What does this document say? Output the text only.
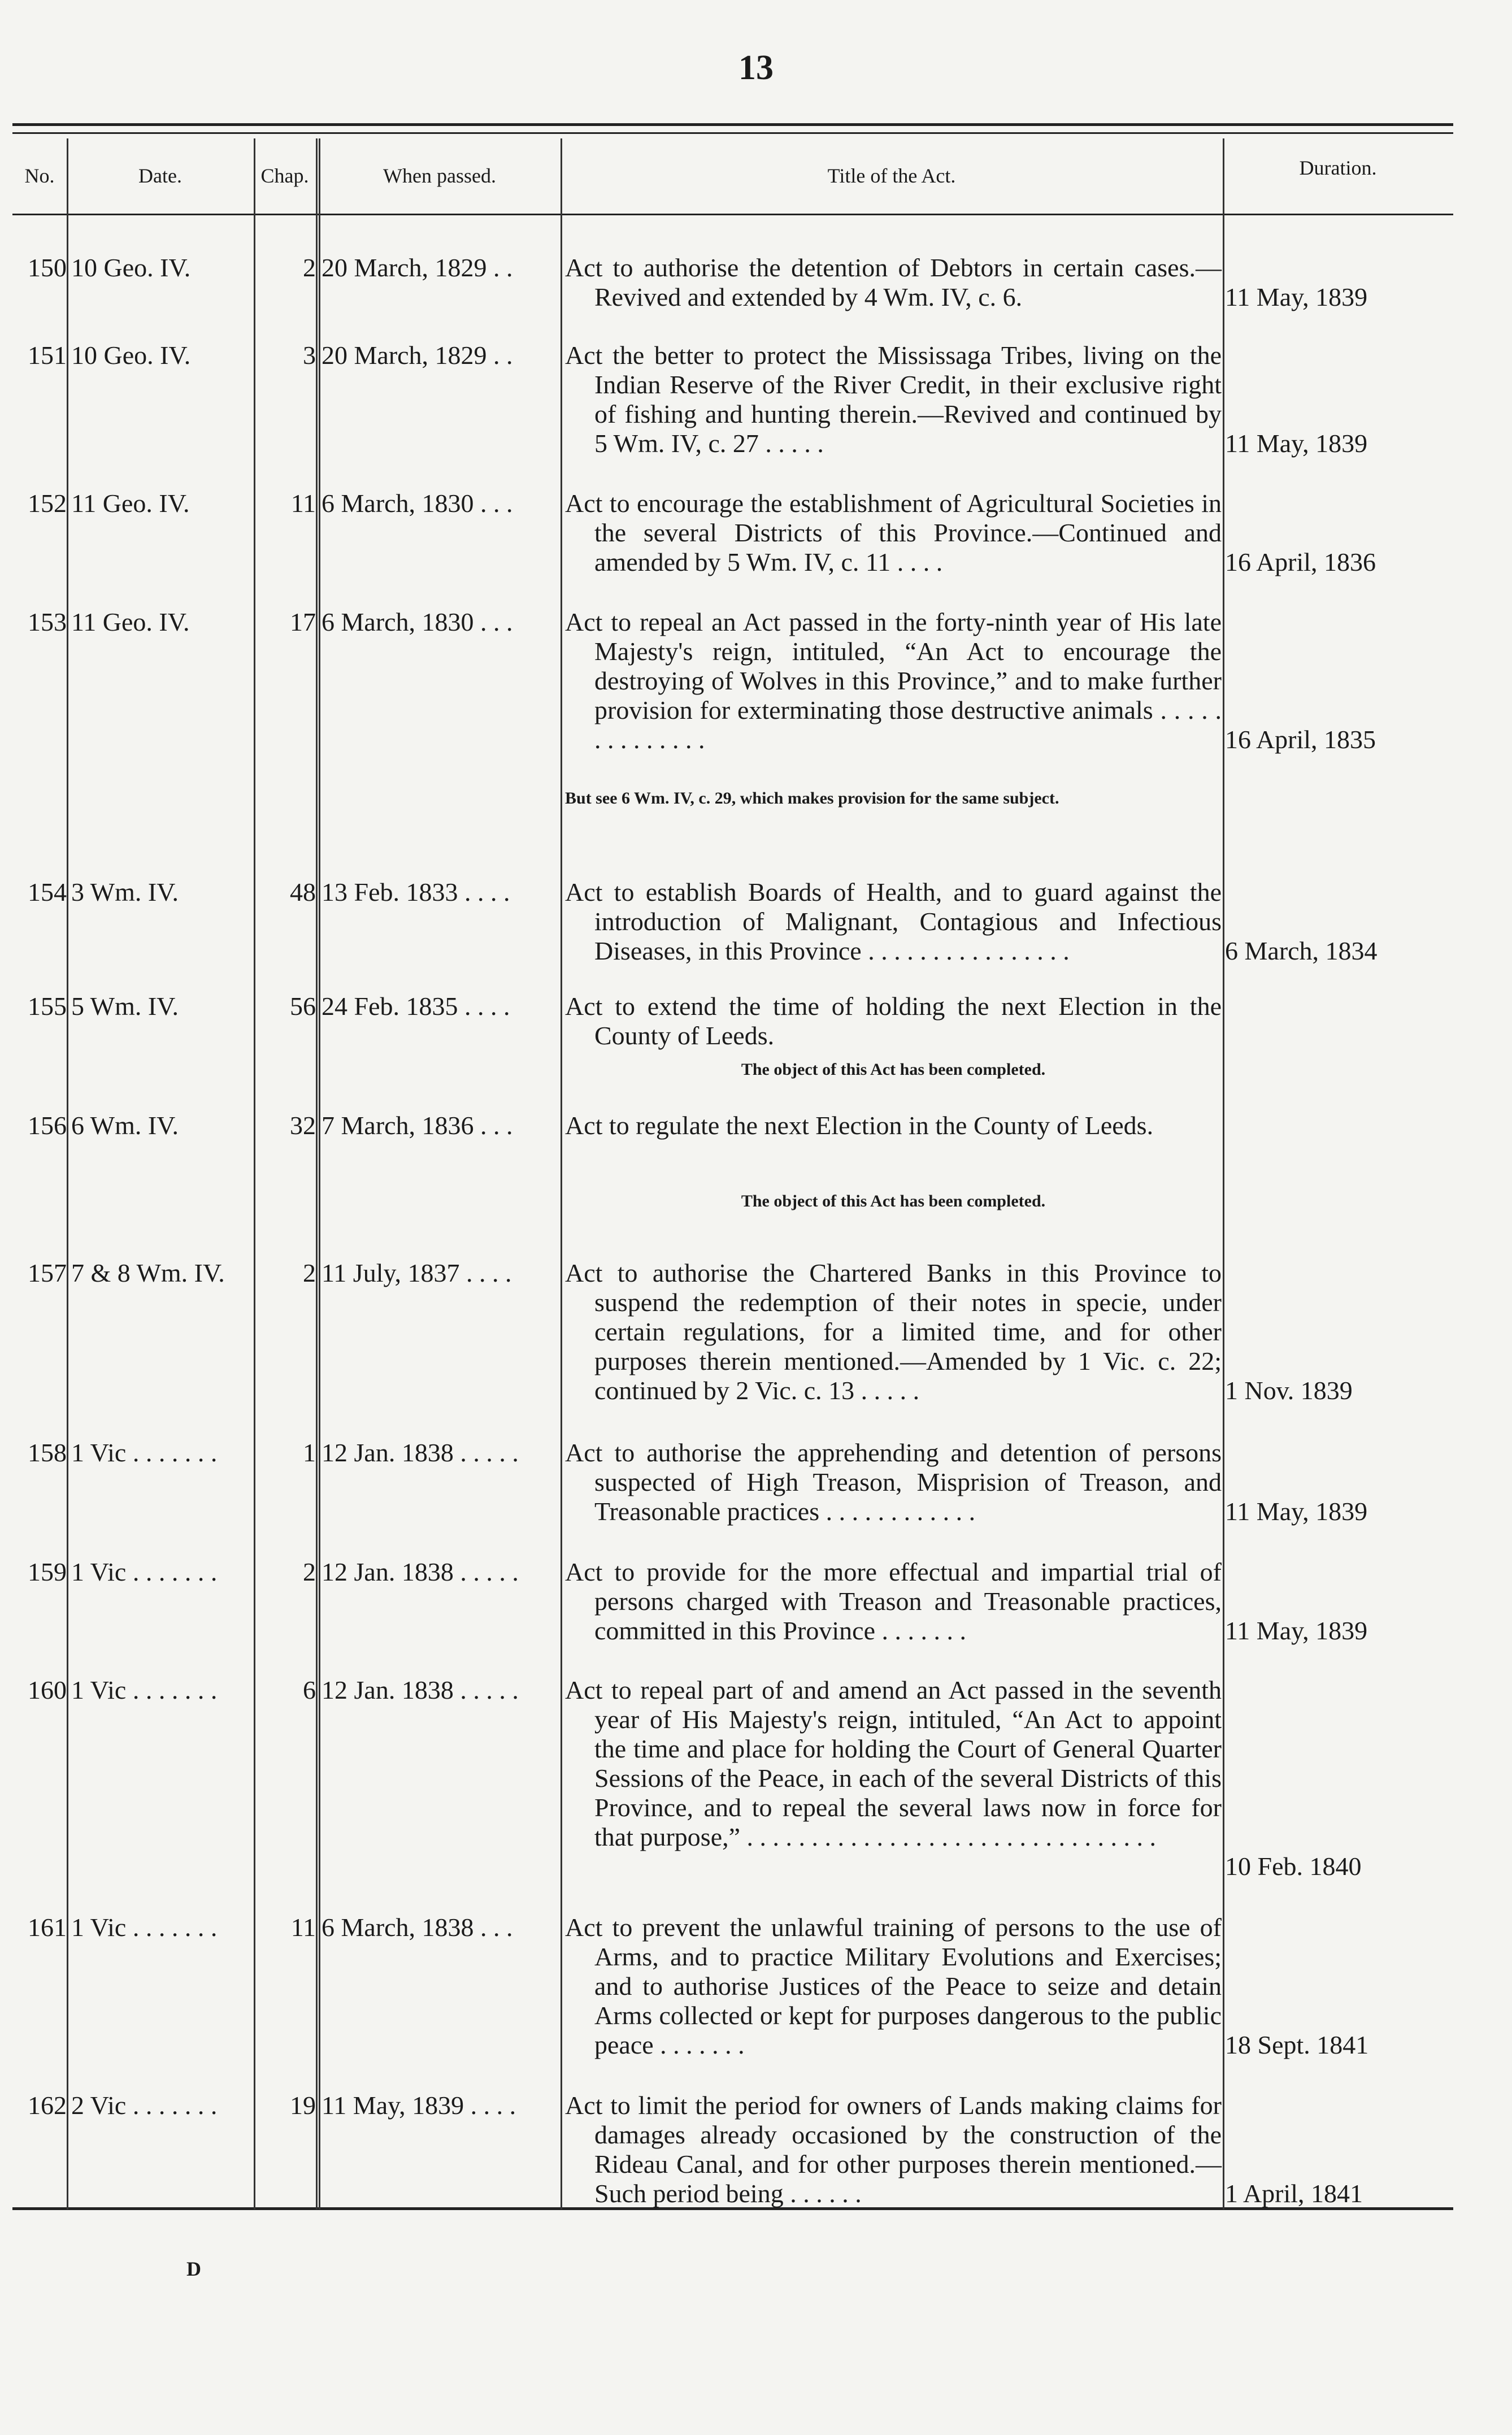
13
No.	Date.	Chap.	When passed.	Title of the Act.	Duration.
150 10 Geo. IV.	2 20 March, 1829 . .	Act to authorise the detention of Debtors in certain cases.—Revived and extended by 4 Wm. IV, c. 6.	11 May, 1839
151 10 Geo. IV.	3 20 March, 1829 . .	Act the better to protect the Mississaga Tribes, living on the Indian Reserve of the River Credit, in their exclusive right of fishing and hunting therein.—Revived and continued by 5 Wm. IV, c. 27 . . . . .	11 May, 1839
152 11 Geo. IV.	11 6 March, 1830 . . .	Act to encourage the establishment of Agricultural Societies in the several Districts of this Province.—Continued and amended by 5 Wm. IV, c. 11 . . . .	16 April, 1836
153 11 Geo. IV.	17 6 March, 1830 . . .	Act to repeal an Act passed in the forty-ninth year of His late Majesty's reign, intituled, “An Act to encourage the destroying of Wolves in this Province,” and to make further provision for exterminating those destructive animals . . . . . . . . . . . . . .	16 April, 1835
But see 6 Wm. IV, c. 29, which makes provision for the same subject.
154 3 Wm. IV.	48 13 Feb. 1833 . . . .	Act to establish Boards of Health, and to guard against the introduction of Malignant, Contagious and Infectious Diseases, in this Province . . . . . . . . . . . . . . . .	6 March, 1834
155 5 Wm. IV.	56 24 Feb. 1835 . . . .	Act to extend the time of holding the next Election in the County of Leeds.
The object of this Act has been completed.
156 6 Wm. IV.	32 7 March, 1836 . . .	Act to regulate the next Election in the County of Leeds.
The object of this Act has been completed.
157 7 & 8 Wm. IV.	2 11 July, 1837 . . . .	Act to authorise the Chartered Banks in this Province to suspend the redemption of their notes in specie, under certain regulations, for a limited time, and for other purposes therein mentioned.—Amended by 1 Vic. c. 22; continued by 2 Vic. c. 13 . . . . .	1 Nov. 1839
158 1 Vic . . . . . . .	1 12 Jan. 1838 . . . . .	Act to authorise the apprehending and detention of persons suspected of High Treason, Misprision of Treason, and Treasonable practices . . . . . . . . . . . .	11 May, 1839
159 1 Vic . . . . . . .	2 12 Jan. 1838 . . . . .	Act to provide for the more effectual and impartial trial of persons charged with Treason and Treasonable practices, committed in this Province . . . . . . .	11 May, 1839
160 1 Vic . . . . . . .	6 12 Jan. 1838 . . . . .	Act to repeal part of and amend an Act passed in the seventh year of His Majesty's reign, intituled, “An Act to appoint the time and place for holding the Court of General Quarter Sessions of the Peace, in each of the several Districts of this Province, and to repeal the several laws now in force for that purpose,” . . . . . . . . . . . . . . . . . . . . . . . . . . . . . . . .
10 Feb. 1840
161 1 Vic . . . . . . .	11 6 March, 1838 . . .	Act to prevent the unlawful training of persons to the use of Arms, and to practice Military Evolutions and Exercises; and to authorise Justices of the Peace to seize and detain Arms collected or kept for purposes dangerous to the public peace . . . . . . .	18 Sept. 1841
162 2 Vic . . . . . . .	19 11 May, 1839 . . . .	Act to limit the period for owners of Lands making claims for damages already occasioned by the construction of the Rideau Canal, and for other purposes therein mentioned.—Such period being . . . . . .	1 April, 1841
D
